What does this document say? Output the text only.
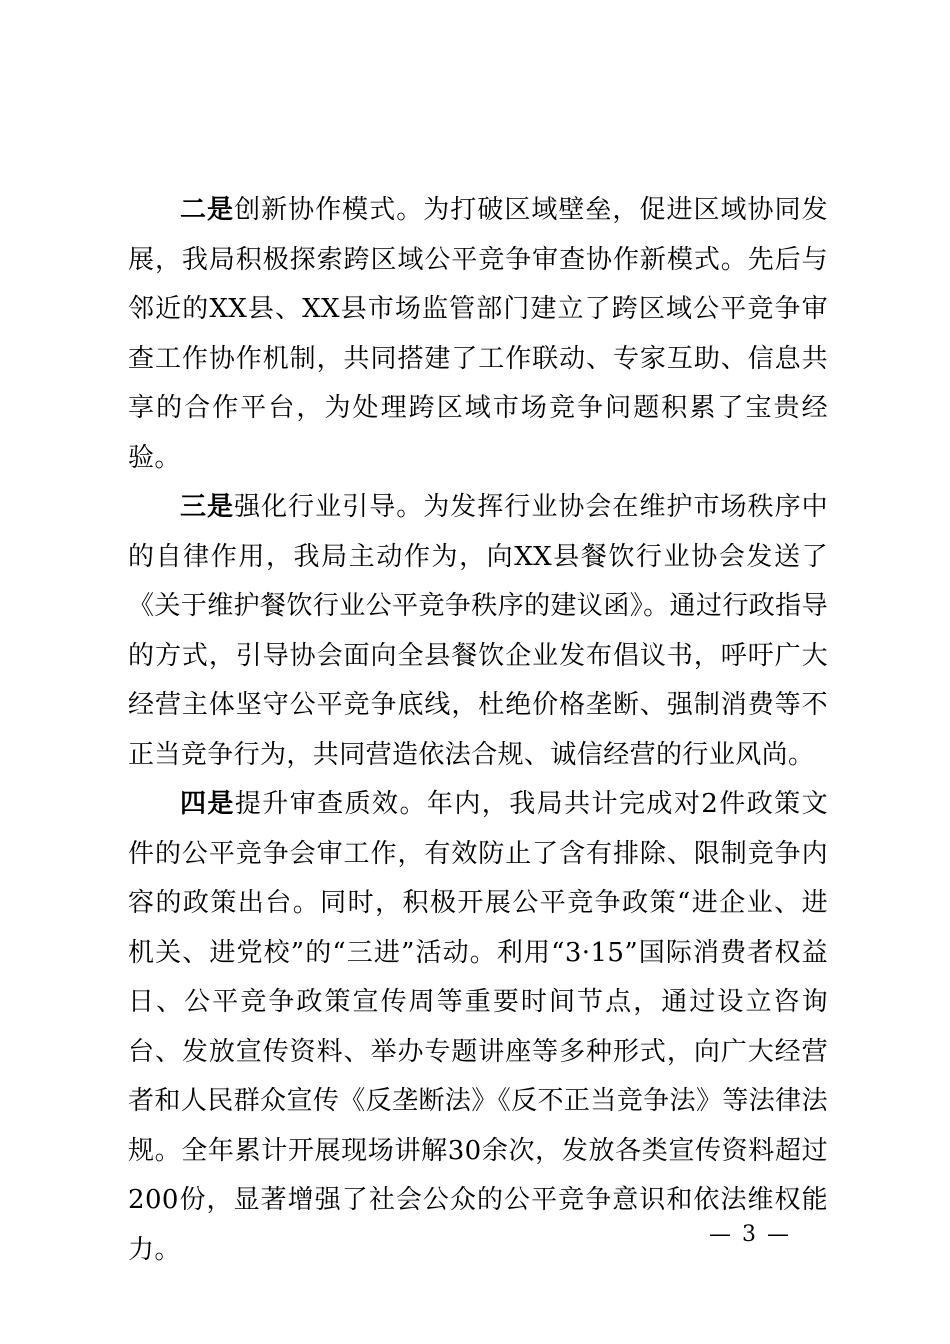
二是创新协作模式。为打破区域壁垒，促进区域协同发展，我局积极探索跨区域公平竞争审查协作新模式。先后与邻近的XX县、XX县市场监管部门建立了跨区域公平竞争审查工作协作机制，共同搭建了工作联动、专家互助、信息共享的合作平台，为处理跨区域市场竞争问题积累了宝贵经验。

三是强化行业引导。为发挥行业协会在维护市场秩序中的自律作用，我局主动作为，向XX县餐饮行业协会发送了《关于维护餐饮行业公平竞争秩序的建议函》。通过行政指导的方式，引导协会面向全县餐饮企业发布倡议书，呼吁广大经营主体坚守公平竞争底线，杜绝价格垄断、强制消费等不正当竞争行为，共同营造依法合规、诚信经营的行业风尚。

四是提升审查质效。年内，我局共计完成对2件政策文件的公平竞争会审工作，有效防止了含有排除、限制竞争内容的政策出台。同时，积极开展公平竞争政策“进企业、进机关、进党校”的“三进”活动。利用“3·15”国际消费者权益日、公平竞争政策宣传周等重要时间节点，通过设立咨询台、发放宣传资料、举办专题讲座等多种形式，向广大经营者和人民群众宣传《反垄断法》《反不正当竞争法》等法律法规。全年累计开展现场讲解30余次，发放各类宣传资料超过200份，显著增强了社会公众的公平竞争意识和依法维权能力。	— 3 —
